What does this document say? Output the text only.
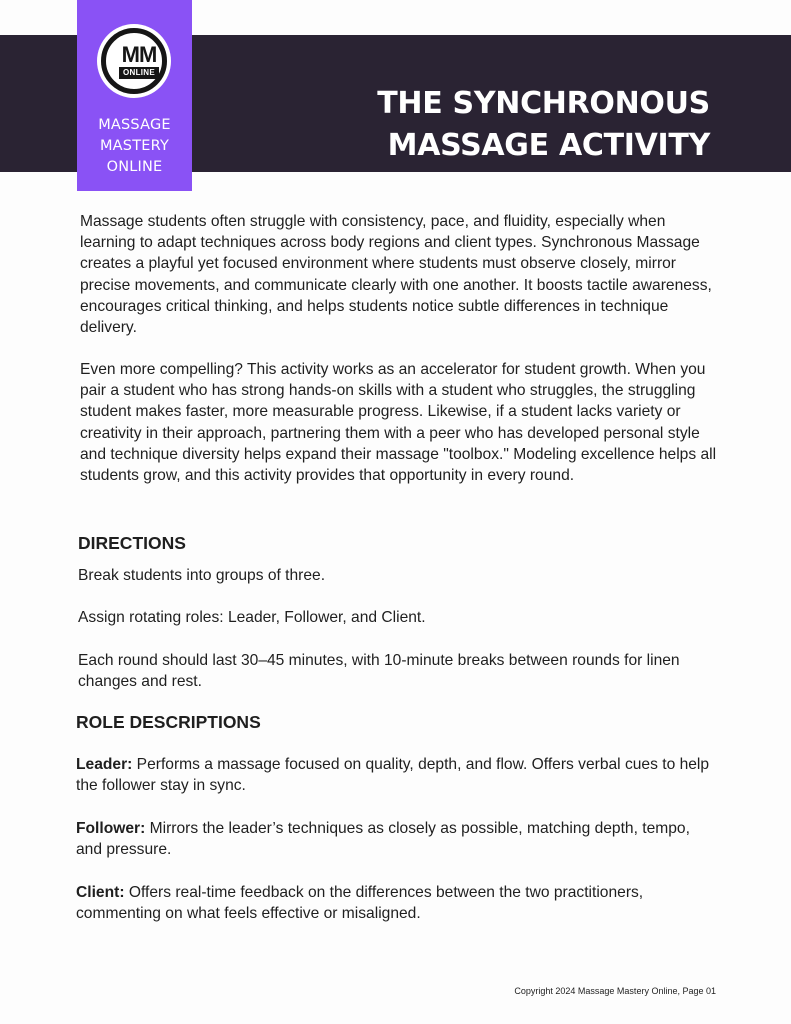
MM
ONLINE
MASSAGE
MASTERY
ONLINE
THE SYNCHRONOUS
MASSAGE ACTIVITY

Massage students often struggle with consistency, pace, and fluidity, especially when learning to adapt techniques across body regions and client types. Synchronous Massage creates a playful yet focused environment where students must observe closely, mirror precise movements, and communicate clearly with one another. It boosts tactile awareness, encourages critical thinking, and helps students notice subtle differences in technique delivery.

Even more compelling? This activity works as an accelerator for student growth. When you pair a student who has strong hands-on skills with a student who struggles, the struggling student makes faster, more measurable progress. Likewise, if a student lacks variety or creativity in their approach, partnering them with a peer who has developed personal style and technique diversity helps expand their massage "toolbox." Modeling excellence helps all students grow, and this activity provides that opportunity in every round.

DIRECTIONS

Break students into groups of three.

Assign rotating roles: Leader, Follower, and Client.

Each round should last 30–45 minutes, with 10-minute breaks between rounds for linen changes and rest.

ROLE DESCRIPTIONS

Leader: Performs a massage focused on quality, depth, and flow. Offers verbal cues to help the follower stay in sync.

Follower: Mirrors the leader’s techniques as closely as possible, matching depth, tempo, and pressure.

Client: Offers real-time feedback on the differences between the two practitioners, commenting on what feels effective or misaligned.

Copyright 2024 Massage Mastery Online, Page 01
